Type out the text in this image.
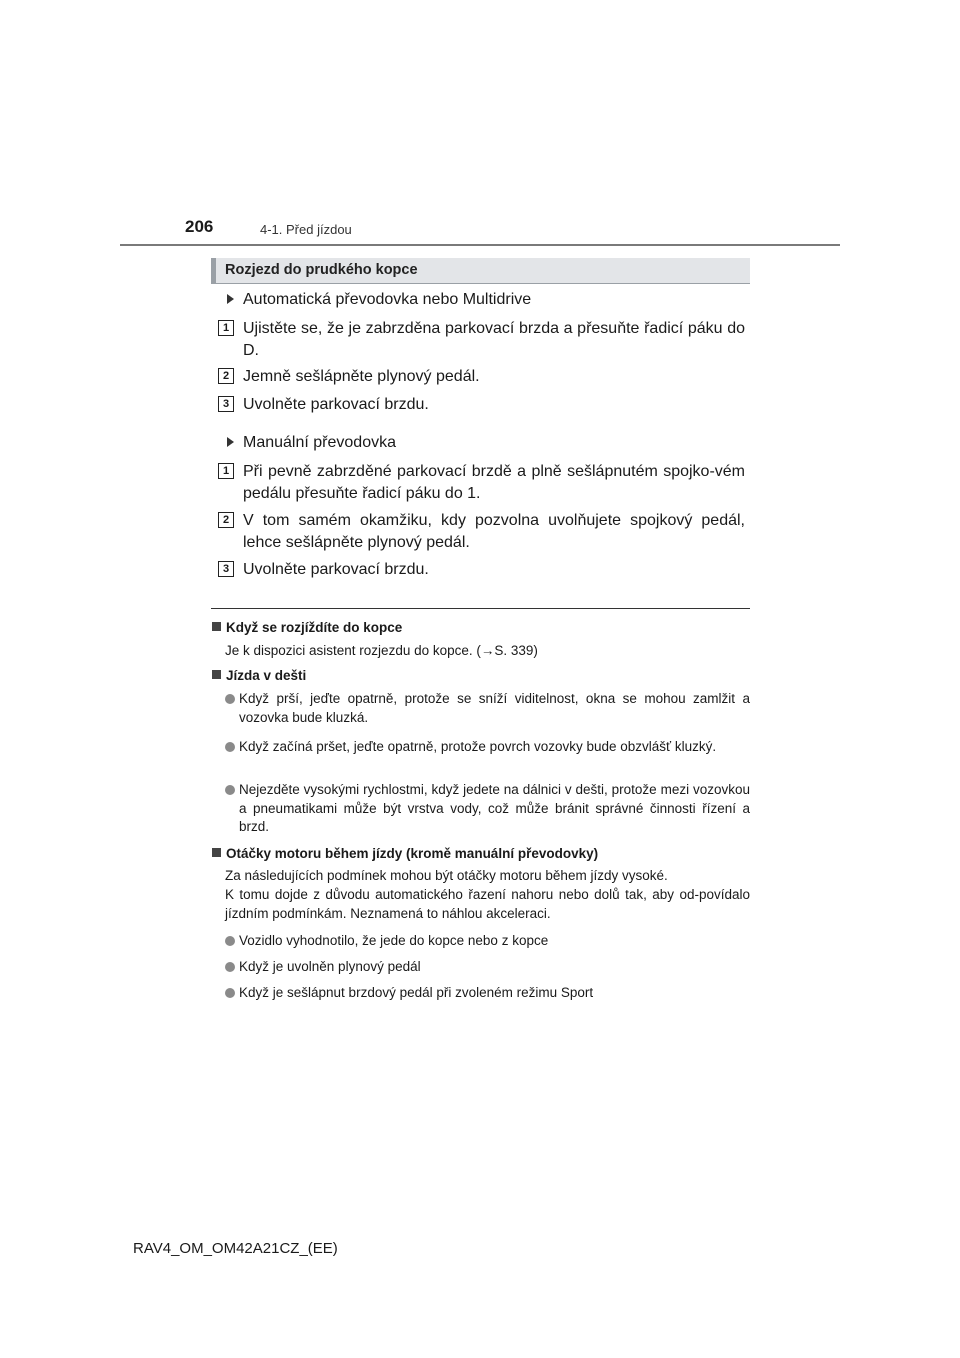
206	4-1. Před jízdou
Rozjezd do prudkého kopce
Automatická převodovka nebo Multidrive
1 Ujistěte se, že je zabrzděna parkovací brzda a přesuňte řadicí páku do D.
2 Jemně sešlápněte plynový pedál.
3 Uvolněte parkovací brzdu.
Manuální převodovka
1 Při pevně zabrzděné parkovací brzdě a plně sešlápnutém spojko-vém pedálu přesuňte řadicí páku do 1.
2 V tom samém okamžiku, kdy pozvolna uvolňujete spojkový pedál, lehce sešlápněte plynový pedál.
3 Uvolněte parkovací brzdu.
Když se rozjíždíte do kopce
Je k dispozici asistent rozjezdu do kopce. (→S. 339)
Jízda v dešti
Když prší, jeďte opatrně, protože se sníží viditelnost, okna se mohou zamlžit a vozovka bude kluzká.
Když začíná pršet, jeďte opatrně, protože povrch vozovky bude obzvlášť kluzký.
Nejezděte vysokými rychlostmi, když jedete na dálnici v dešti, protože mezi vozovkou a pneumatikami může být vrstva vody, což může bránit správné činnosti řízení a brzd.
Otáčky motoru během jízdy (kromě manuální převodovky)
Za následujících podmínek mohou být otáčky motoru během jízdy vysoké.
K tomu dojde z důvodu automatického řazení nahoru nebo dolů tak, aby od-povídalo jízdním podmínkám. Neznamená to náhlou akceleraci.
Vozidlo vyhodnotilo, že jede do kopce nebo z kopce
Když je uvolněn plynový pedál
Když je sešlápnut brzdový pedál při zvoleném režimu Sport
RAV4_OM_OM42A21CZ_(EE)
